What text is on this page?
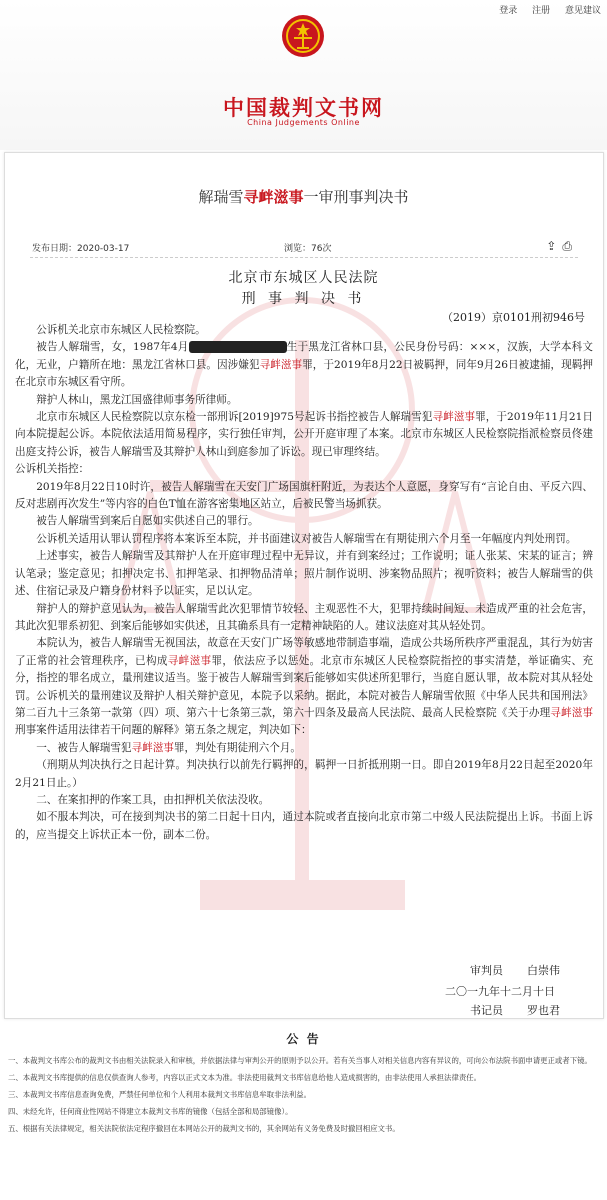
中国裁判文书网
China Judgements Online
登录 注册 意见建议
解瑞雪寻衅滋事一审刑事判决书
发布日期：2020-03-17	浏览：76次	⇪ ⎙
北京市东城区人民法院
刑 事 判 决 书
（2019）京0101刑初946号

公诉机关北京市东城区人民检察院。

被告人解瑞雪，女，1987年4月	生于黑龙江省林口县，公民身份号码：×××，汉族，大学本科文化，无业，户籍所在地：黑龙江省林口县。因涉嫌犯寻衅滋事罪，于2019年8月22日被羁押，同年9月26日被逮捕，现羁押在北京市东城区看守所。

辩护人林山，黑龙江国盛律师事务所律师。

北京市东城区人民检察院以京东检一部刑诉[2019]975号起诉书指控被告人解瑞雪犯寻衅滋事罪，于2019年11月21日向本院提起公诉。本院依法适用简易程序，实行独任审判，公开开庭审理了本案。北京市东城区人民检察院指派检察员佟建出庭支持公诉，被告人解瑞雪及其辩护人林山到庭参加了诉讼。现已审理终结。

公诉机关指控：

2019年8月22日10时许，被告人解瑞雪在天安门广场国旗杆附近，为表达个人意愿，身穿写有“言论自由、平反六四、反对悲剧再次发生”等内容的白色T恤在游客密集地区站立，后被民警当场抓获。

被告人解瑞雪到案后自愿如实供述自己的罪行。

公诉机关适用认罪认罚程序将本案诉至本院，并书面建议对被告人解瑞雪在有期徒刑六个月至一年幅度内判处刑罚。

上述事实，被告人解瑞雪及其辩护人在开庭审理过程中无异议，并有到案经过；工作说明；证人张某、宋某的证言；辨认笔录；鉴定意见；扣押决定书、扣押笔录、扣押物品清单；照片制作说明、涉案物品照片；视听资料；被告人解瑞雪的供述、住宿记录及户籍身份材料予以证实，足以认定。

辩护人的辩护意见认为，被告人解瑞雪此次犯罪情节较轻、主观恶性不大，犯罪持续时间短、未造成严重的社会危害，其此次犯罪系初犯、到案后能够如实供述，且其确系具有一定精神缺陷的人。建议法庭对其从轻处罚。

本院认为，被告人解瑞雪无视国法，故意在天安门广场等敏感地带制造事端，造成公共场所秩序严重混乱，其行为妨害了正常的社会管理秩序，已构成寻衅滋事罪，依法应予以惩处。北京市东城区人民检察院指控的事实清楚，举证确实、充分，指控的罪名成立，量刑建议适当。鉴于被告人解瑞雪到案后能够如实供述所犯罪行，当庭自愿认罪，故本院对其从轻处罚。公诉机关的量刑建议及辩护人相关辩护意见，本院予以采纳。据此，本院对被告人解瑞雪依照《中华人民共和国刑法》第二百九十三条第一款第（四）项、第六十七条第三款，第六十四条及最高人民法院、最高人民检察院《关于办理寻衅滋事刑事案件适用法律若干问题的解释》第五条之规定，判决如下：

一、被告人解瑞雪犯寻衅滋事罪，判处有期徒刑六个月。

（刑期从判决执行之日起计算。判决执行以前先行羁押的，羁押一日折抵刑期一日。即自2019年8月22日起至2020年2月21日止。）

二、在案扣押的作案工具，由扣押机关依法没收。

如不服本判决，可在接到判决书的第二日起十日内，通过本院或者直接向北京市第二中级人民法院提出上诉。书面上诉的，应当提交上诉状正本一份，副本二份。

审判员 白崇伟
二〇一九年十二月十日
书记员 罗也君
公 告
一、本裁判文书库公布的裁判文书由相关法院录入和审核，并依据法律与审判公开的原则予以公开。若有关当事人对相关信息内容有异议的，可向公布法院书面申请更正或者下镜。
二、本裁判文书库提供的信息仅供查询人参考，内容以正式文本为准。非法使用裁判文书库信息给他人造成损害的，由非法使用人承担法律责任。
三、本裁判文书库信息查询免费，严禁任何单位和个人利用本裁判文书库信息牟取非法利益。
四、未经允许，任何商业性网站不得建立本裁判文书库的镜像（包括全部和局部镜像）。
五、根据有关法律规定，相关法院依法定程序撤回在本网站公开的裁判文书的，其余网站有义务免费及时撤回相应文书。
